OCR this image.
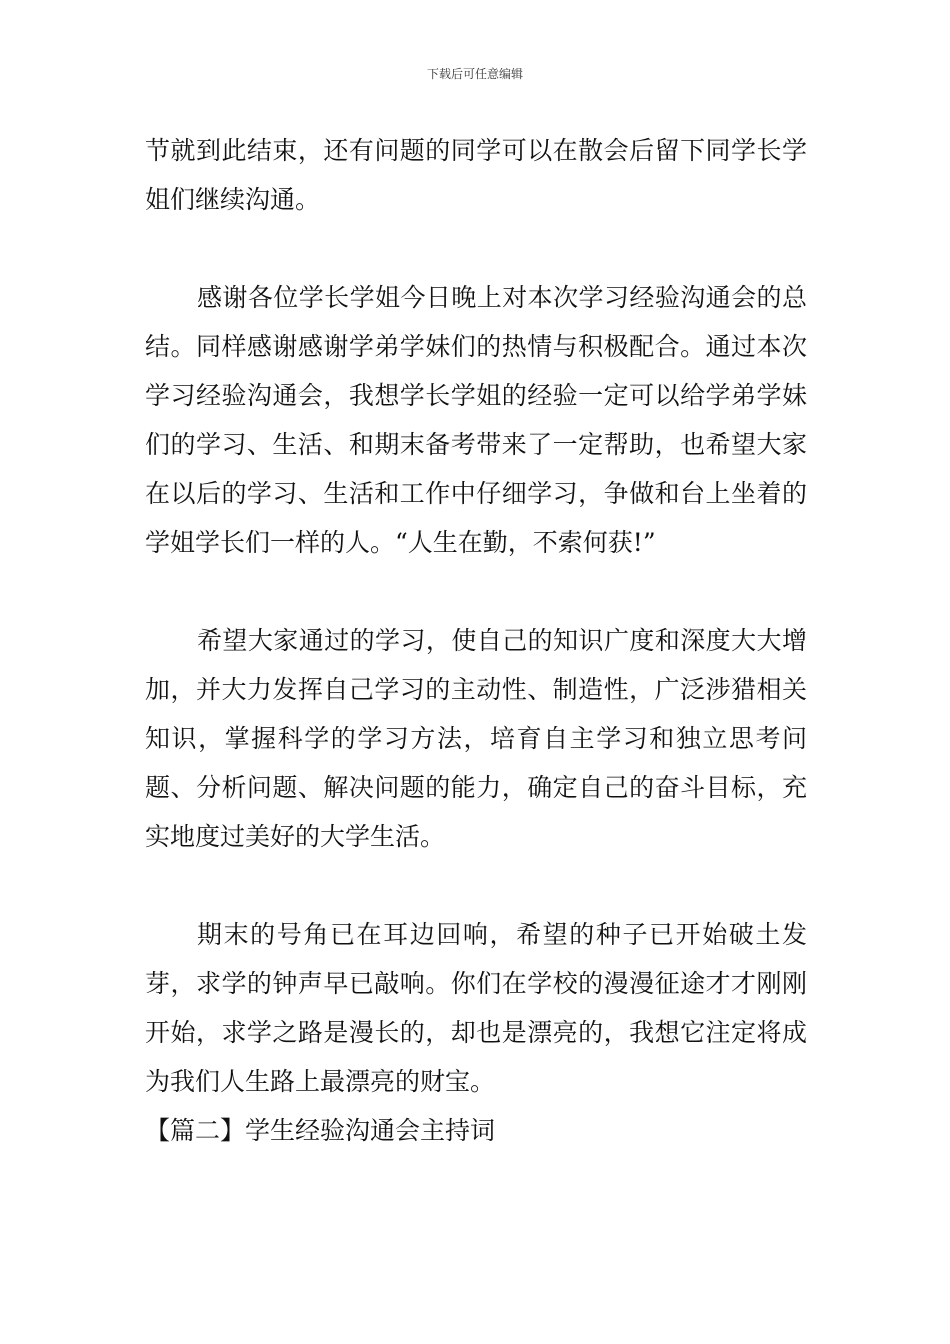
下载后可任意编辑

节就到此结束，还有问题的同学可以在散会后留下同学长学姐们继续沟通。

感谢各位学长学姐今日晚上对本次学习经验沟通会的总结。同样感谢感谢学弟学妹们的热情与积极配合。通过本次学习经验沟通会，我想学长学姐的经验一定可以给学弟学妹们的学习、生活、和期末备考带来了一定帮助，也希望大家在以后的学习、生活和工作中仔细学习，争做和台上坐着的学姐学长们一样的人。“人生在勤，不索何获!”

希望大家通过的学习，使自己的知识广度和深度大大增加，并大力发挥自己学习的主动性、制造性，广泛涉猎相关知识，掌握科学的学习方法，培育自主学习和独立思考问题、分析问题、解决问题的能力，确定自己的奋斗目标，充实地度过美好的大学生活。

期末的号角已在耳边回响，希望的种子已开始破土发芽，求学的钟声早已敲响。你们在学校的漫漫征途才才刚刚开始，求学之路是漫长的，却也是漂亮的，我想它注定将成为我们人生路上最漂亮的财宝。

【篇二】学生经验沟通会主持词
